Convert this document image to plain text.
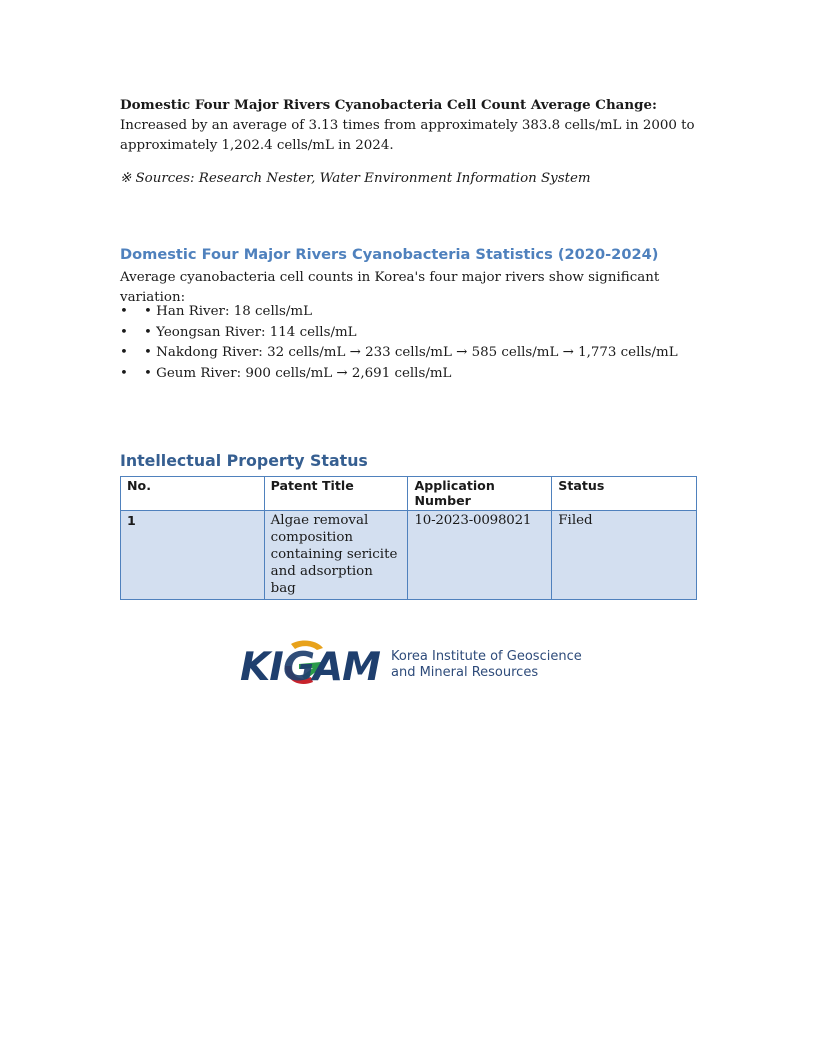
Domestic Four Major Rivers Cyanobacteria Cell Count Average Change: Increased by an average of 3.13 times from approximately 383.8 cells/mL in 2000 to approximately 1,202.4 cells/mL in 2024.

※ Sources: Research Nester, Water Environment Information System
Domestic Four Major Rivers Cyanobacteria Statistics (2020-2024)
Average cyanobacteria cell counts in Korea's four major rivers show significant variation:
• • Han River: 18 cells/mL
• • Yeongsan River: 114 cells/mL
• • Nakdong River: 32 cells/mL → 233 cells/mL → 585 cells/mL → 1,773 cells/mL
• • Geum River: 900 cells/mL → 2,691 cells/mL
Intellectual Property Status
No.	Patent Title	Application Number	Status
1	Algae removal composition containing sericite and adsorption bag	10-2023-0098021	Filed
KI G
AM Korea Institute of Geoscience
and Mineral Resources
